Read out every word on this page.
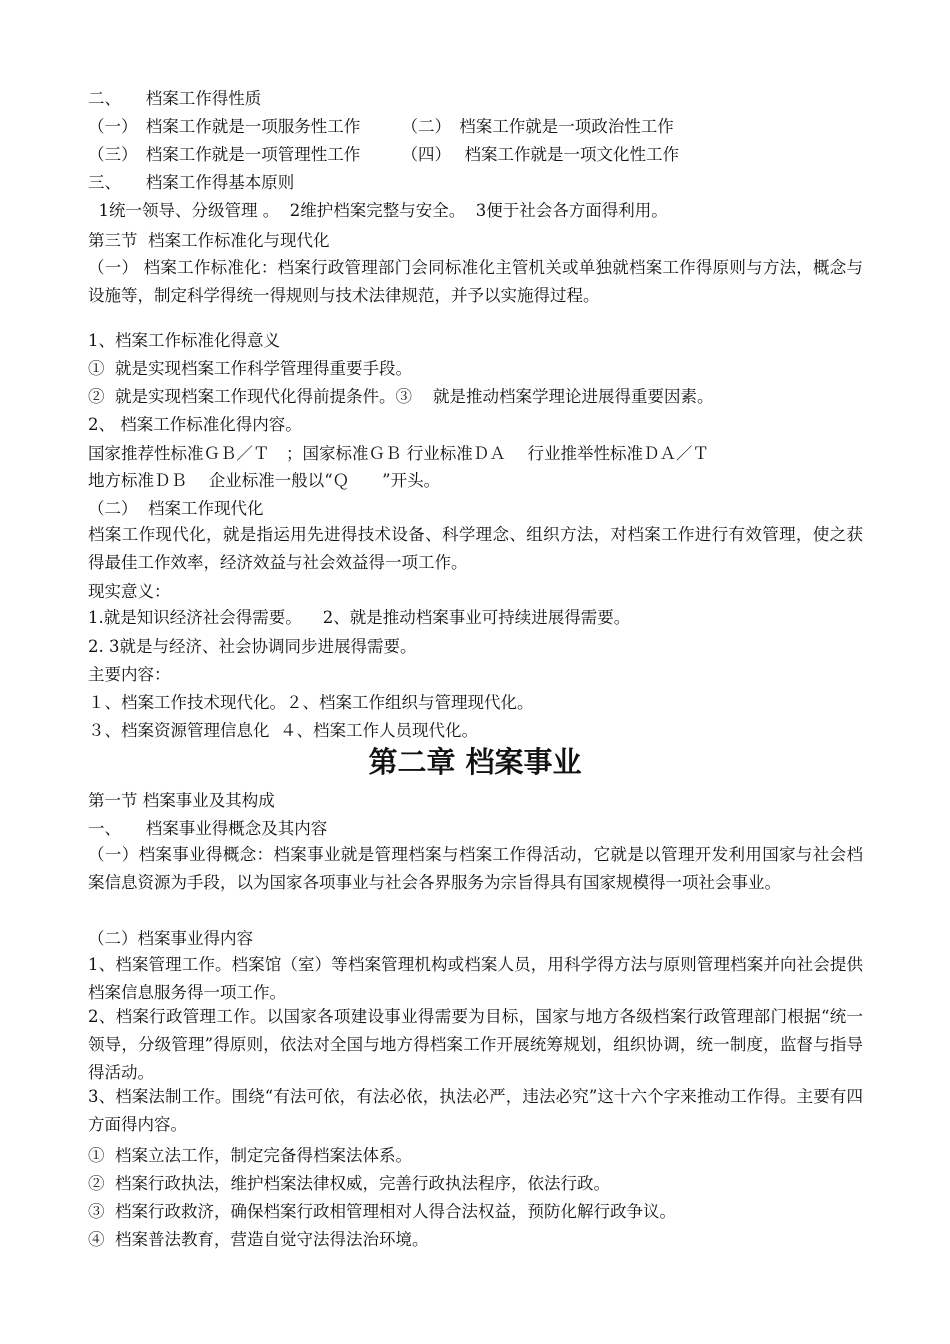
二、　　档案工作得性质

（一）　档案工作就是一项服务性工作　　　（二）　档案工作就是一项政治性工作

（三）　档案工作就是一项管理性工作　　　（四）　 档案工作就是一项文化性工作

三、　　档案工作得基本原则

1统一领导、分级管理 。  2维护档案完整与安全。  3便于社会各方面得利用。

第三节  档案工作标准化与现代化

（一） 档案工作标准化：档案行政管理部门会同标准化主管机关或单独就档案工作得原则与方法，概念与设施等，制定科学得统一得规则与技术法律规范，并予以实施得过程。

1、档案工作标准化得意义

①  就是实现档案工作科学管理得重要手段。

②  就是实现档案工作现代化得前提条件。③    就是推动档案学理论进展得重要因素。

2、 档案工作标准化得内容。

国家推荐性标准ＧＢ／Ｔ　；国家标准ＧＢ 行业标准ＤＡ　 行业推举性标准ＤＡ／Ｔ

地方标准ＤＢ　 企业标准一般以“Ｑ　　”开头。

（二）  档案工作现代化

档案工作现代化，就是指运用先进得技术设备、科学理念、组织方法，对档案工作进行有效管理，使之获得最佳工作效率，经济效益与社会效益得一项工作。

现实意义：

1.就是知识经济社会得需要。    2、就是推动档案事业可持续进展得需要。

2. 3就是与经济、社会协调同步进展得需要。

主要内容：

１、档案工作技术现代化。２、档案工作组织与管理现代化。

３、档案资源管理信息化  ４、档案工作人员现代化。

第二章 档案事业

第一节 档案事业及其构成

一、　　档案事业得概念及其内容

（一）档案事业得概念：档案事业就是管理档案与档案工作得活动，它就是以管理开发利用国家与社会档案信息资源为手段，以为国家各项事业与社会各界服务为宗旨得具有国家规模得一项社会事业。

（二）档案事业得内容

1、档案管理工作。档案馆（室）等档案管理机构或档案人员，用科学得方法与原则管理档案并向社会提供档案信息服务得一项工作。

2、档案行政管理工作。以国家各项建设事业得需要为目标，国家与地方各级档案行政管理部门根据“统一领导，分级管理”得原则，依法对全国与地方得档案工作开展统筹规划，组织协调，统一制度，监督与指导得活动。

3、档案法制工作。围绕“有法可依，有法必依，执法必严，违法必究”这十六个字来推动工作得。主要有四方面得内容。

①  档案立法工作，制定完备得档案法体系。

②  档案行政执法，维护档案法律权威，完善行政执法程序，依法行政。

③  档案行政救济，确保档案行政相管理相对人得合法权益，预防化解行政争议。

④  档案普法教育，营造自觉守法得法治环境。
